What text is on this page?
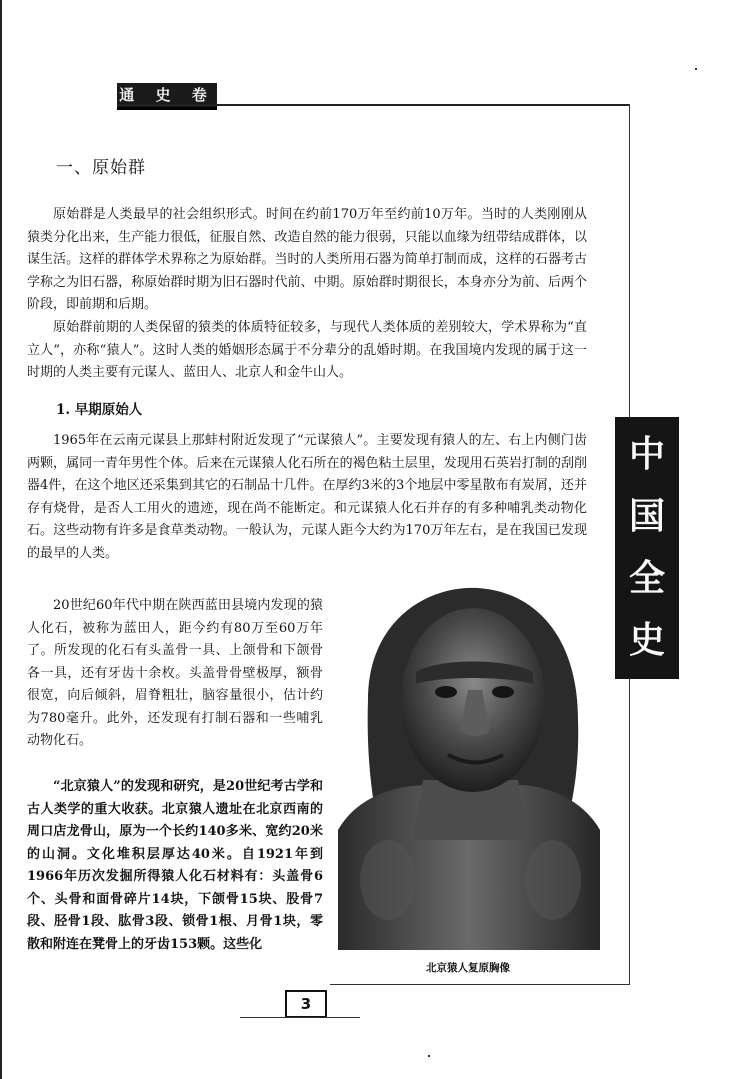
通 史 卷
一、原始群

原始群是人类最早的社会组织形式。时间在约前170万年至约前10万年。当时的人类刚刚从猿类分化出来，生产能力很低，征服自然、改造自然的能力很弱，只能以血缘为纽带结成群体，以谋生活。这样的群体学术界称之为原始群。当时的人类所用石器为简单打制而成，这样的石器考古学称之为旧石器，称原始群时期为旧石器时代前、中期。原始群时期很长，本身亦分为前、后两个阶段，即前期和后期。

原始群前期的人类保留的猿类的体质特征较多，与现代人类体质的差别较大，学术界称为“直立人”，亦称“猿人”。这时人类的婚姻形态属于不分辈分的乱婚时期。在我国境内发现的属于这一时期的人类主要有元谋人、蓝田人、北京人和金牛山人。

1. 早期原始人

1965年在云南元谋县上那蚌村附近发现了“元谋猿人”。主要发现有猿人的左、右上内侧门齿两颗，属同一青年男性个体。后来在元谋猿人化石所在的褐色粘土层里，发现用石英岩打制的刮削器4件，在这个地区还采集到其它的石制品十几件。在厚约3米的3个地层中零星散布有炭屑，还并存有烧骨，是否人工用火的遗迹，现在尚不能断定。和元谋猿人化石并存的有多种哺乳类动物化石。这些动物有许多是食草类动物。一般认为，元谋人距今大约为170万年左右，是在我国已发现的最早的人类。

20世纪60年代中期在陕西蓝田县境内发现的猿人化石，被称为蓝田人，距今约有80万至60万年了。所发现的化石有头盖骨一具、上颌骨和下颌骨各一具，还有牙齿十余枚。头盖骨骨壁极厚，额骨很宽，向后倾斜，眉脊粗壮，脑容量很小，估计约为780毫升。此外，还发现有打制石器和一些哺乳动物化石。

“北京猿人”的发现和研究，是20世纪考古学和古人类学的重大收获。北京猿人遗址在北京西南的周口店龙骨山，原为一个长约140多米、宽约20米的山洞。文化堆积层厚达40米。自1921年到1966年历次发掘所得猿人化石材料有：头盖骨6个、头骨和面骨碎片14块，下颌骨15块、股骨7段、胫骨1段、肱骨3段、锁骨1根、月骨1块，零散和附连在凳骨上的牙齿153颗。这些化

北京猿人复原胸像

中
国
全
史
3
